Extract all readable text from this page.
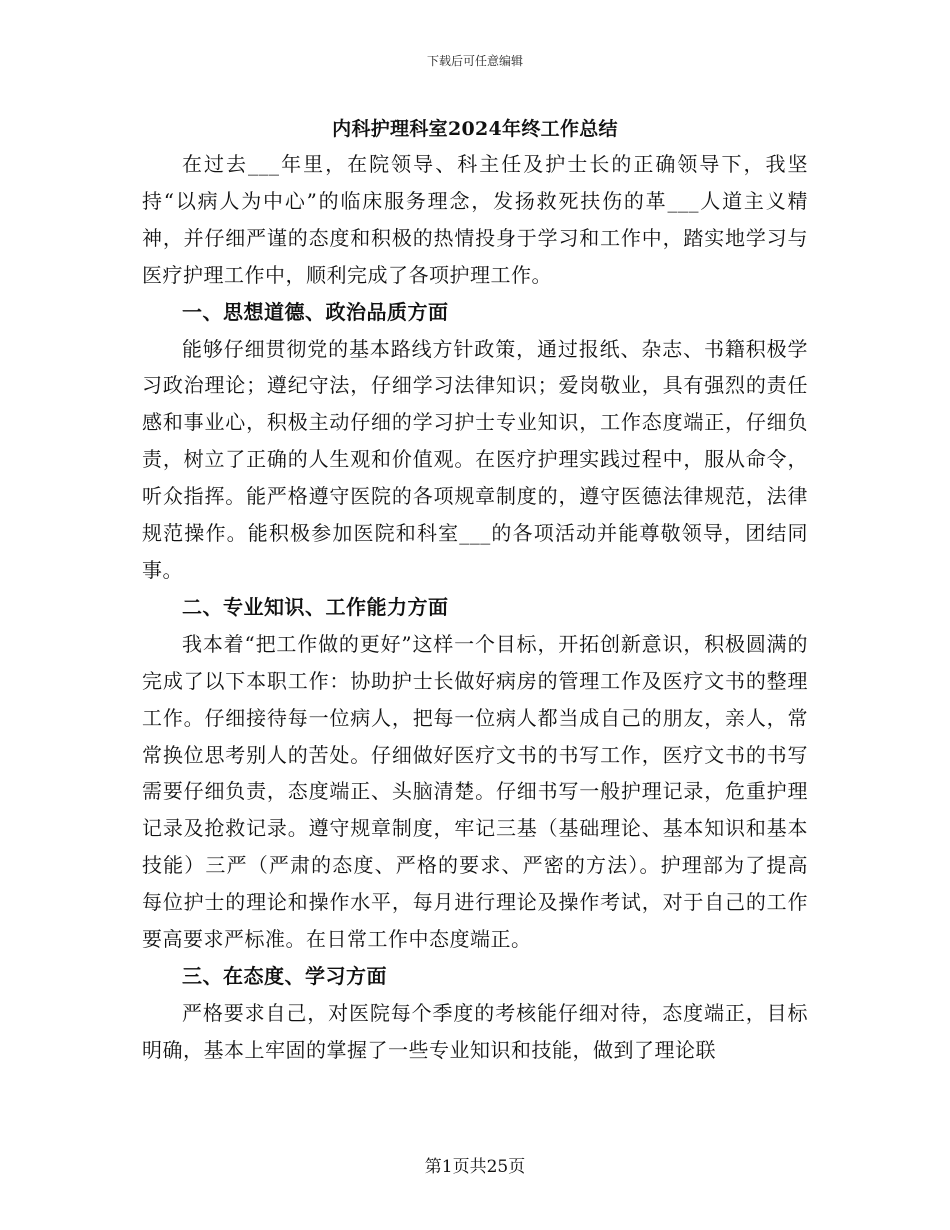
下载后可任意编辑
内科护理科室2024年终工作总结

在过去___年里，在院领导、科主任及护士长的正确领导下，我坚持“以病人为中心”的临床服务理念，发扬救死扶伤的革___人道主义精神，并仔细严谨的态度和积极的热情投身于学习和工作中，踏实地学习与医疗护理工作中，顺利完成了各项护理工作。

一、思想道德、政治品质方面

能够仔细贯彻党的基本路线方针政策，通过报纸、杂志、书籍积极学习政治理论；遵纪守法，仔细学习法律知识；爱岗敬业，具有强烈的责任感和事业心，积极主动仔细的学习护士专业知识，工作态度端正，仔细负责，树立了正确的人生观和价值观。在医疗护理实践过程中，服从命令，听众指挥。能严格遵守医院的各项规章制度的，遵守医德法律规范，法律规范操作。能积极参加医院和科室___的各项活动并能尊敬领导，团结同事。

二、专业知识、工作能力方面

我本着“把工作做的更好”这样一个目标，开拓创新意识，积极圆满的完成了以下本职工作：协助护士长做好病房的管理工作及医疗文书的整理工作。仔细接待每一位病人，把每一位病人都当成自己的朋友，亲人，常常换位思考别人的苦处。仔细做好医疗文书的书写工作，医疗文书的书写需要仔细负责，态度端正、头脑清楚。仔细书写一般护理记录，危重护理记录及抢救记录。遵守规章制度，牢记三基（基础理论、基本知识和基本技能）三严（严肃的态度、严格的要求、严密的方法）。护理部为了提高每位护士的理论和操作水平，每月进行理论及操作考试，对于自己的工作要高要求严标准。在日常工作中态度端正。

三、在态度、学习方面

严格要求自己，对医院每个季度的考核能仔细对待，态度端正，目标明确，基本上牢固的掌握了一些专业知识和技能，做到了理论联

第1页共25页
